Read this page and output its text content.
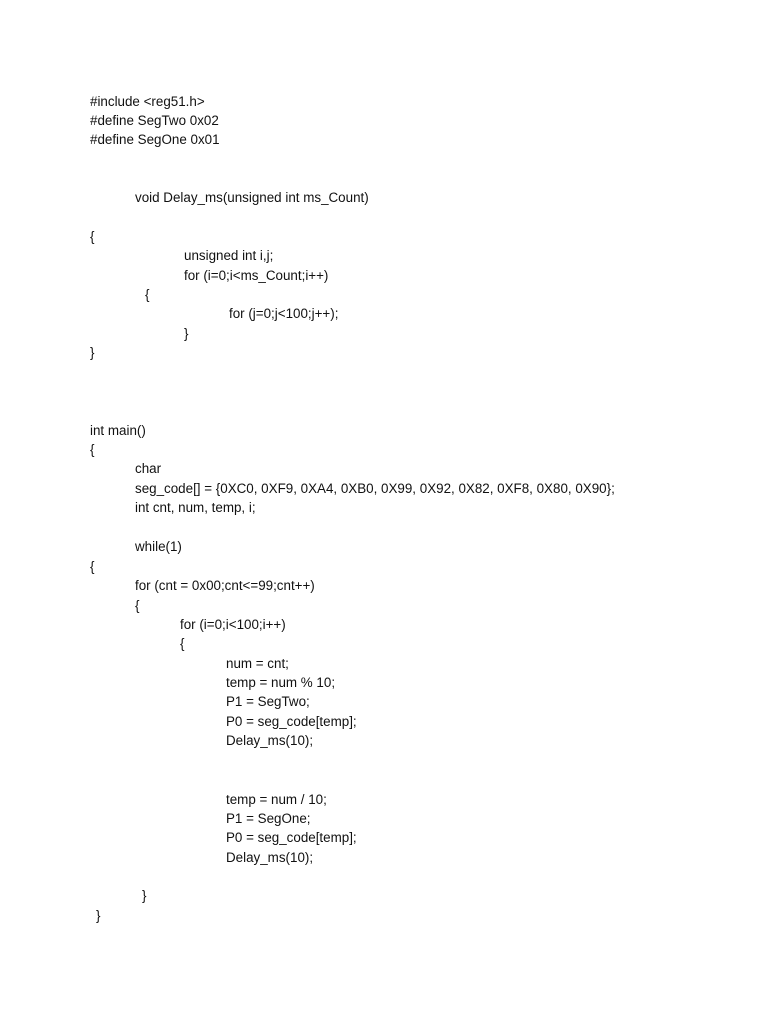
#include <reg51.h>

#define SegTwo 0x02

#define SegOne 0x01

void Delay_ms(unsigned int ms_Count)

{

unsigned int i,j;

for (i=0;i<ms_Count;i++)

{

for (j=0;j<100;j++);

}

}

int main()

{

char

seg_code[] = {0XC0, 0XF9, 0XA4, 0XB0, 0X99, 0X92, 0X82, 0XF8, 0X80, 0X90};

int cnt, num, temp, i;

while(1)

{

for (cnt = 0x00;cnt<=99;cnt++)

{

for (i=0;i<100;i++)

{

num = cnt;

temp = num % 10;

P1 = SegTwo;

P0 = seg_code[temp];

Delay_ms(10);

temp = num / 10;

P1 = SegOne;

P0 = seg_code[temp];

Delay_ms(10);

}

}
